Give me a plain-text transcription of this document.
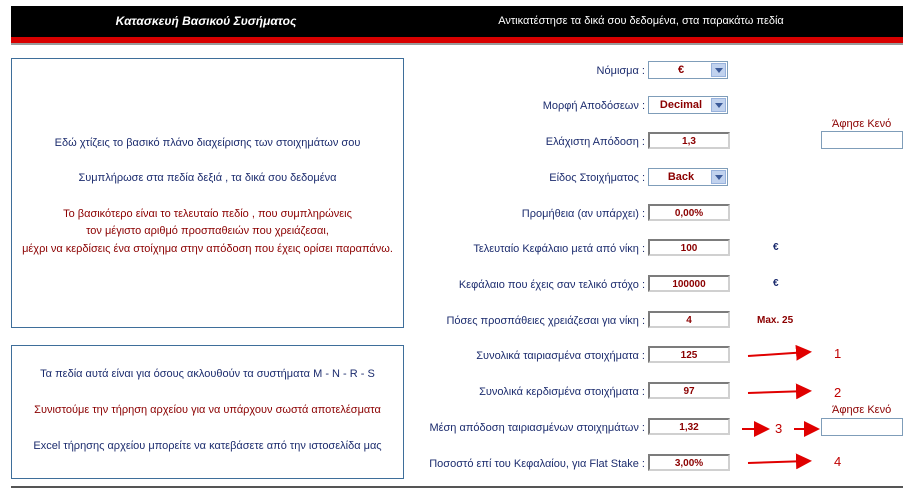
Κατασκευή Βασικού Συσήματος	Αντικατέστησε τα δικά σου δεδομένα, στα παρακάτω πεδία

Εδώ χτίζεις το βασικό πλάνο διαχείρισης των στοιχημάτων σου

Συμπλήρωσε στα πεδία δεξιά , τα δικά σου δεδομένα

Το βασικότερο είναι το τελευταίο πεδίο , που συμπληρώνεις

τον μέγιστο αριθμό προσπαθειών που χρειάζεσαι,

μέχρι να κερδίσεις ένα στοίχημα στην απόδοση που έχεις ορίσει παραπάνω.

Τα πεδία αυτά είναι για όσους ακλουθούν τα συστήματα M - N - R - S

Συνιστούμε την τήρηση αρχείου για να υπάρχουν σωστά αποτελέσματα

Excel τήρησης αρχείου μπορείτε να κατεβάσετε από την ιστοσελίδα μας

Νόμισμα :	€
Μορφή Αποδόσεων :	Decimal
Ελάχιστη Απόδοση :	1,3
Άφησε Κενό
Είδος Στοιχήματος :	Back
Προμήθεια (αν υπάρχει) :	0,00%
Τελευταίο Κεφάλαιο μετά από νίκη :	100	€
Κεφάλαιο που έχεις σαν τελικό στόχο :	100000	€
Πόσες προσπάθειες χρειάζεσαι για νίκη :	4	Max. 25
Συνολικά ταιριασμένα στοιχήματα :	125
Συνολικά κερδισμένα στοιχήματα :	97
Μέση απόδοση ταιριασμένων στοιχημάτων :	1,32
Άφησε Κενό
Ποσοστό επί του Κεφαλαίου, για Flat Stake :	3,00%
1
2
3
4
